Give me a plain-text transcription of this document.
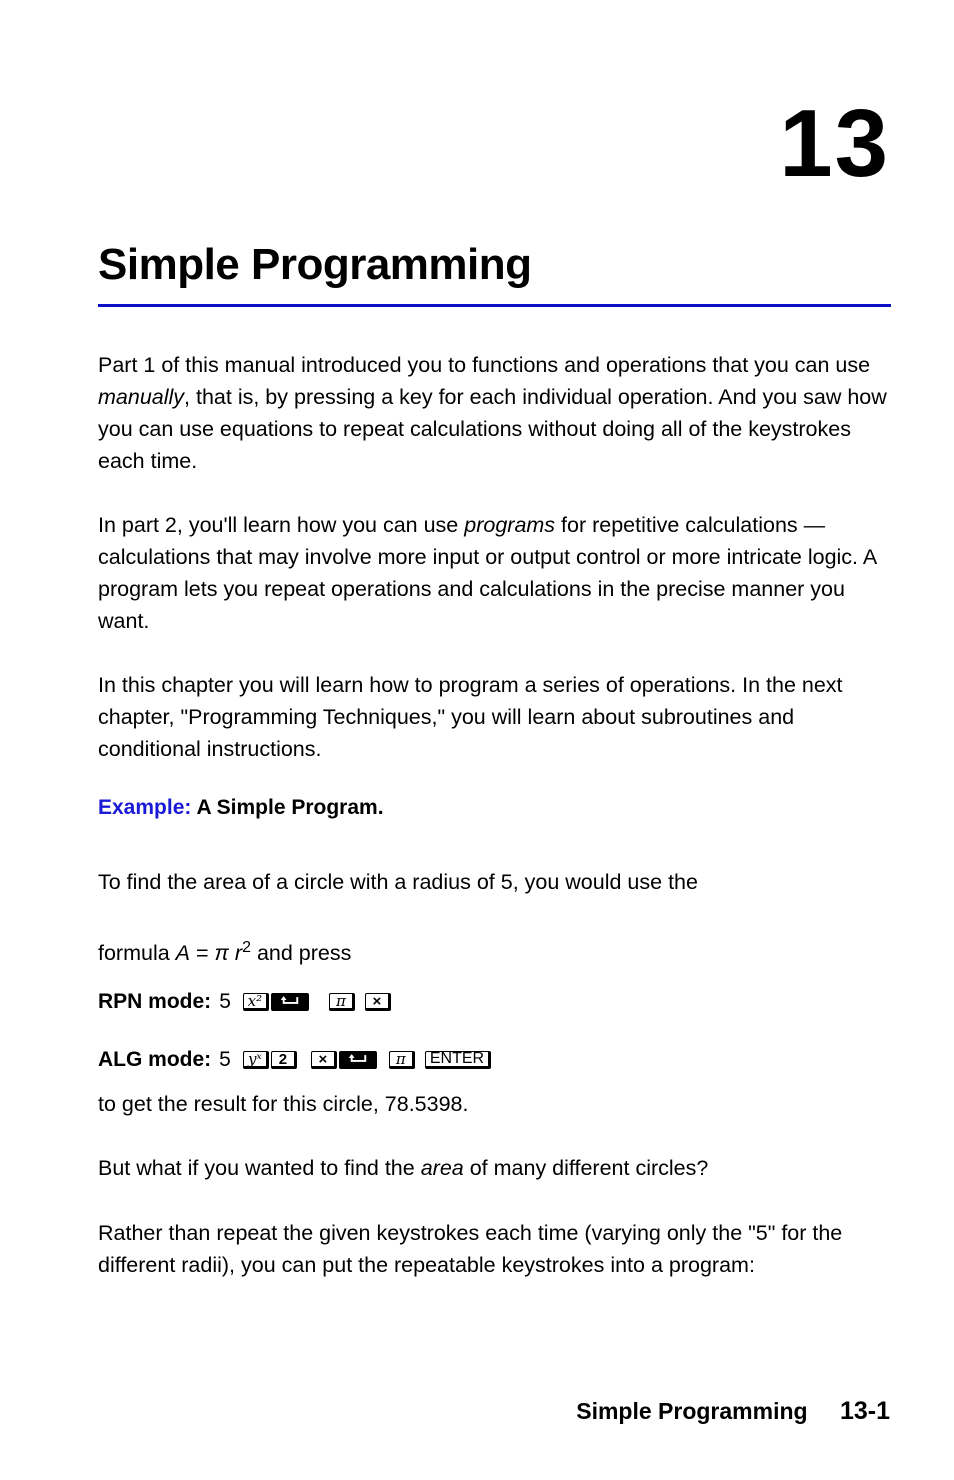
13
Simple Programming

Part 1 of this manual introduced you to functions and operations that you can use manually, that is, by pressing a key for each individual operation. And you saw how you can use equations to repeat calculations without doing all of the keystrokes each time.

In part 2, you'll learn how you can use programs for repetitive calculations — calculations that may involve more input or output control or more intricate logic. A program lets you repeat operations and calculations in the precise manner you want.

In this chapter you will learn how to program a series of operations. In the next chapter, "Programming Techniques," you will learn about subroutines and conditional instructions.

Example: A Simple Program.

To find the area of a circle with a radius of 5, you would use the

formula A = π $r^2$ and press

RPN mode: 5	x²	π	×
ALG mode: 5	yˣ	2	×	π	ENTER

to get the result for this circle, 78.5398.

But what if you wanted to find the area of many different circles?

Rather than repeat the given keystrokes each time (varying only the "5" for the different radii), you can put the repeatable keystrokes into a program:

Simple Programming 13-1
